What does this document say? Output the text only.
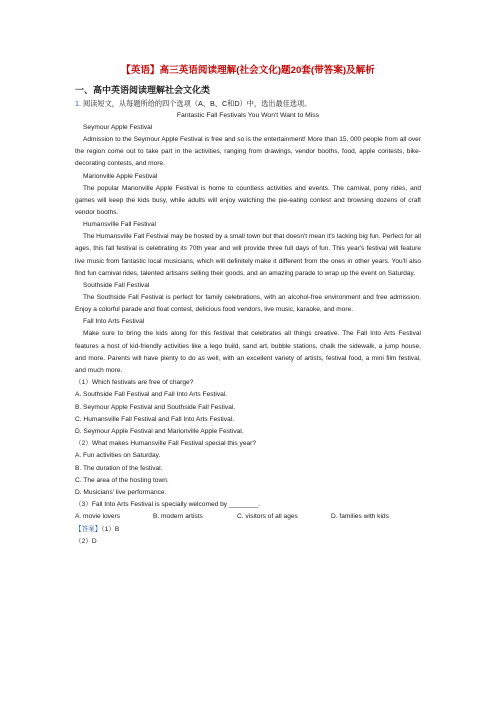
【英语】高三英语阅读理解(社会文化)题20套(带答案)及解析
一、高中英语阅读理解社会文化类
1. 阅读短文，从每题所给的四个选项（A、B、C和D）中，选出最佳选项。
Fantastic Fall Festivals You Won't Want to Miss
Seymour Apple Festival

Admission to the Seymour Apple Festival is free and so is the entertainment! More than 15, 000 people from all over the region come out to take part in the activities, ranging from drawings, vendor booths, food, apple contests, bike-decorating contests, and more.

Marionville Apple Festival

The popular Marionville Apple Festival is home to countless activities and events. The carnival, pony rides, and games will keep the kids busy, while adults will enjoy watching the pie-eating contest and browsing dozens of craft vendor booths.

Humansville Fall Festival

The Humansville Fall Festival may be hosted by a small town but that doesn't mean it's lacking big fun. Perfect for all ages, this fall festival is celebrating its 70th year and will provide three full days of fun. This year's festival will feature live music from fantastic local musicians, which will definitely make it different from the ones in other years. You'll also find fun carnival rides, talented artisans selling their goods, and an amazing parade to wrap up the event on Saturday.

Southside Fall Festival

The Southside Fall Festival is perfect for family celebrations, with an alcohol-free environment and free admission. Enjoy a colorful parade and float contest, delicious food vendors, live music, karaoke, and more.

Fall Into Arts Festival

Make sure to bring the kids along for this festival that celebrates all things creative. The Fall Into Arts Festival features a host of kid-friendly activities like a lego build, sand art, bubble stations, chalk the sidewalk, a jump house, and more. Parents will have plenty to do as well, with an excellent variety of artists, festival food, a mini film festival, and much more.

（1）Which festivals are free of charge?
A. Southside Fall Festival and Fall Into Arts Festival.
B. Seymour Apple Festival and Southside Fall Festival.
C. Humansville Fall Festival and Fall Into Arts Festival.
D. Seymour Apple Festival and Marionville Apple Festival.
（2）What makes Humansville Fall Festival special this year?
A. Fun activities on Saturday.
B. The duration of the festival.
C. The area of the hosting town.
D. Musicians' live performance.
（3）Fall Into Arts Festival is specially welcomed by ________.
A. movie lovers	B. modern artists	C. visitors of all ages	D. families with kids
【答案】（1）B
（2）D
